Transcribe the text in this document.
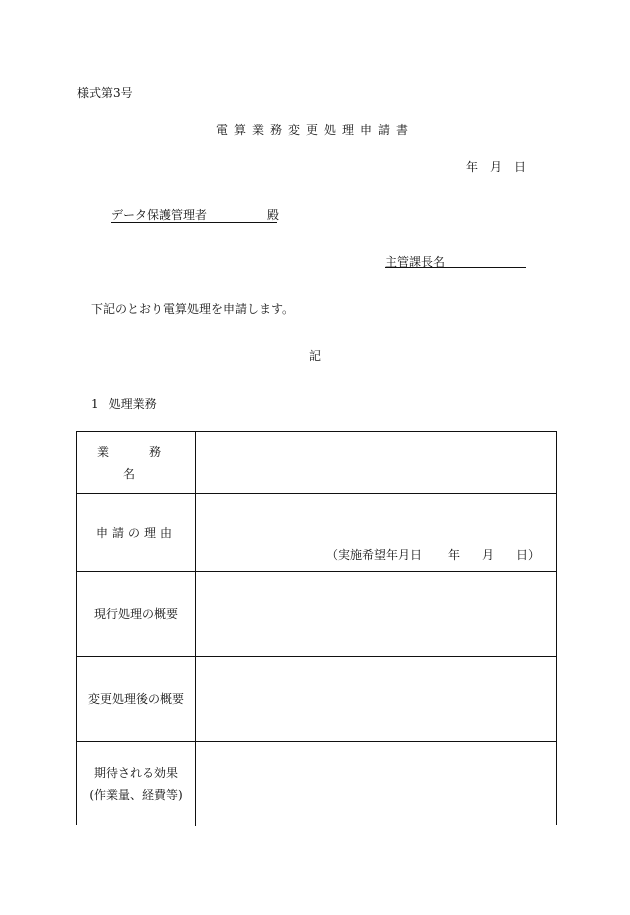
様式第3号
電算業務変更処理申請書
年　月　日
データ保護管理者	殿
主管課長名
下記のとおり電算処理を申請します。
記
1 処理業務
業　務　名
申請の理由
（実施希望年月日 年 月 日）
現行処理の概要
変更処理後の概要
期待される効果
(作業量、経費等)
